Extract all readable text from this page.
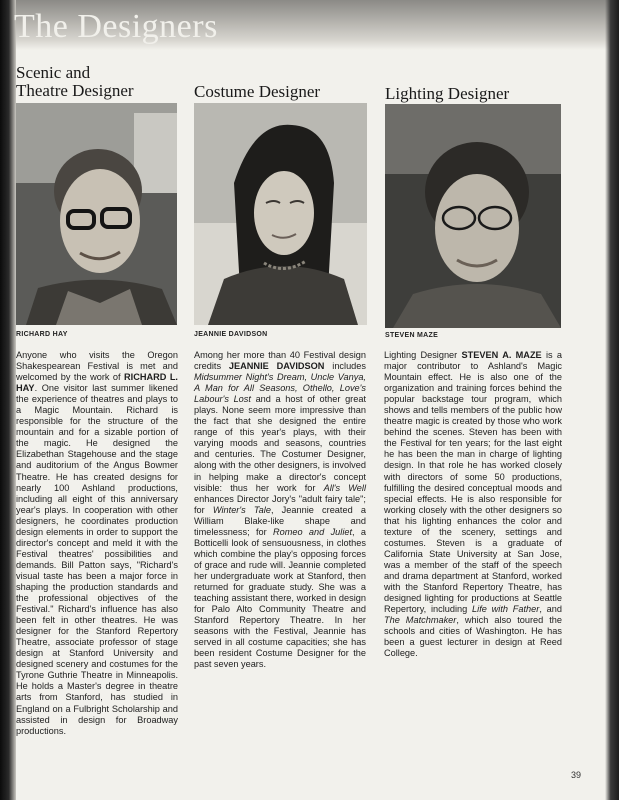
The Designers
Scenic and
Theatre Designer

RICHARD HAY

Anyone who visits the Oregon Shakespearean Festival is met and welcomed by the work of RICHARD L. HAY. One visitor last summer likened the experience of theatres and plays to a Magic Mountain. Richard is responsible for the structure of the mountain and for a sizable portion of the magic. He designed the Elizabethan Stagehouse and the stage and auditorium of the Angus Bowmer Theatre. He has created designs for nearly 100 Ashland productions, including all eight of this anniversary year's plays. In cooperation with other designers, he coordinates production design elements in order to support the director's concept and meld it with the Festival theatres' possibilities and demands. Bill Patton says, "Richard's visual taste has been a major force in shaping the production standards and the professional objectives of the Festival." Richard's influence has also been felt in other theatres. He was designer for the Stanford Repertory Theatre, associate professor of stage design at Stanford University and designed scenery and costumes for the Tyrone Guthrie Theatre in Minneapolis. He holds a Master's degree in theatre arts from Stanford, has studied in England on a Fulbright Scholarship and assisted in design for Broadway productions.

Costume Designer

JEANNIE DAVIDSON

Among her more than 40 Festival design credits JEANNIE DAVIDSON includes Midsummer Night's Dream, Uncle Vanya, A Man for All Seasons, Othello, Love's Labour's Lost and a host of other great plays. None seem more impressive than the fact that she designed the entire range of this year's plays, with their varying moods and seasons, countries and centuries. The Costumer Designer, along with the other designers, is involved in helping make a director's concept visible: thus her work for All's Well enhances Director Jory's "adult fairy tale"; for Winter's Tale, Jeannie created a William Blake-like shape and timelessness; for Romeo and Juliet, a Botticelli look of sensuousness, in clothes which combine the play's opposing forces of grace and rude will. Jeannie completed her undergraduate work at Stanford, then returned for graduate study. She was a teaching assistant there, worked in design for Palo Alto Community Theatre and Stanford Repertory Theatre. In her seasons with the Festival, Jeannie has served in all costume capacities; she has been resident Costume Designer for the past seven years.

Lighting Designer

STEVEN MAZE

Lighting Designer STEVEN A. MAZE is a major contributor to Ashland's Magic Mountain effect. He is also one of the organization and training forces behind the popular backstage tour program, which shows and tells members of the public how theatre magic is created by those who work behind the scenes. Steven has been with the Festival for ten years; for the last eight he has been the man in charge of lighting design. In that role he has worked closely with directors of some 50 productions, fulfilling the desired conceptual moods and special effects. He is also responsible for working closely with the other designers so that his lighting enhances the color and texture of the scenery, settings and costumes. Steven is a graduate of California State University at San Jose, was a member of the staff of the speech and drama department at Stanford, worked with the Stanford Repertory Theatre, has designed lighting for productions at Seattle Repertory, including Life with Father, and The Matchmaker, which also toured the schools and cities of Washington. He has been a guest lecturer in design at Reed College.

39
